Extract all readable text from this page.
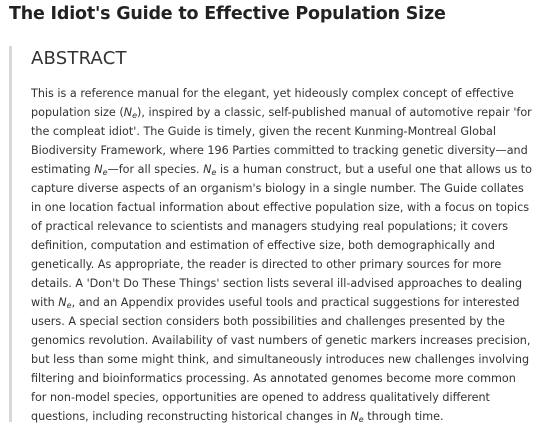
The Idiot's Guide to Effective Population Size
ABSTRACT
This is a reference manual for the elegant, yet hideously complex concept of effective
population size $(N_e)$, inspired by a classic, self-published manual of automotive repair 'for
the compleat idiot'. The Guide is timely, given the recent Kunming-Montreal Global
Biodiversity Framework, where 196 Parties committed to tracking genetic diversity—and
estimating $N_e—for$ all species. $N_e$ is a human construct, but a useful one that allows us to
capture diverse aspects of an organism's biology in a single number. The Guide collates
in one location factual information about effective population size, with a focus on topics
of practical relevance to scientists and managers studying real populations; it covers
definition, computation and estimation of effective size, both demographically and
genetically. As appropriate, the reader is directed to other primary sources for more
details. A 'Don't Do These Things' section lists several ill-advised approaches to dealing
with $N_e$, and an Appendix provides useful tools and practical suggestions for interested
users. A special section considers both possibilities and challenges presented by the
genomics revolution. Availability of vast numbers of genetic markers increases precision,
but less than some might think, and simultaneously introduces new challenges involving
filtering and bioinformatics processing. As annotated genomes become more common
for non-model species, opportunities are opened to address qualitatively different
questions, including reconstructing historical changes in $N_e$ through time.
